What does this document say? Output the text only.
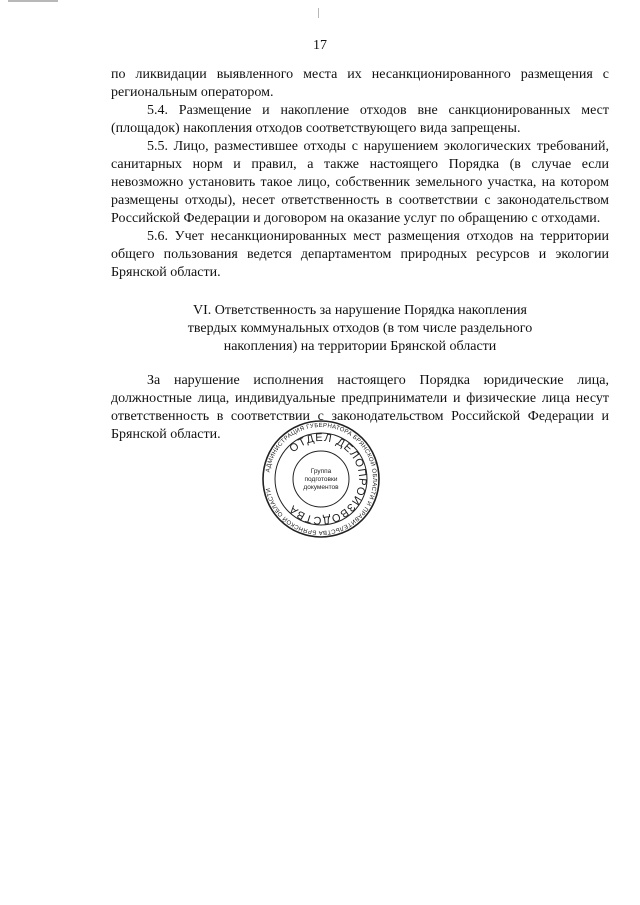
17

по ликвидации выявленного места их несанкционированного размещения с региональным оператором.

5.4. Размещение и накопление отходов вне санкционированных мест (площадок) накопления отходов соответствующего вида запрещены.

5.5. Лицо, разместившее отходы с нарушением экологических требований, санитарных норм и правил, а также настоящего Порядка (в случае если невозможно установить такое лицо, собственник земельного участка, на котором размещены отходы), несет ответственность в соответствии с законодательством Российской Федерации и договором на оказание услуг по обращению с отходами.

5.6. Учет несанкционированных мест размещения отходов на территории общего пользования ведется департаментом природных ресурсов и экологии Брянской области.

VI. Ответственность за нарушение Порядка накопления
твердых коммунальных отходов (в том числе раздельного
накопления) на территории Брянской области

За нарушение исполнения настоящего Порядка юридические лица, должностные лица, индивидуальные предприниматели и физические лица несут ответственность в соответствии с законодательством Российской Федерации и Брянской области.

АДМИНИСТРАЦИЯ ГУБЕРНАТОРА БРЯНСКОЙ ОБЛАСТИ И ПРАВИТЕЛЬСТВА БРЯНСКОЙ ОБЛАСТИ
ОТДЕЛ ДЕЛОПРОИЗВОДСТВА
Группа
подготовки
документов
